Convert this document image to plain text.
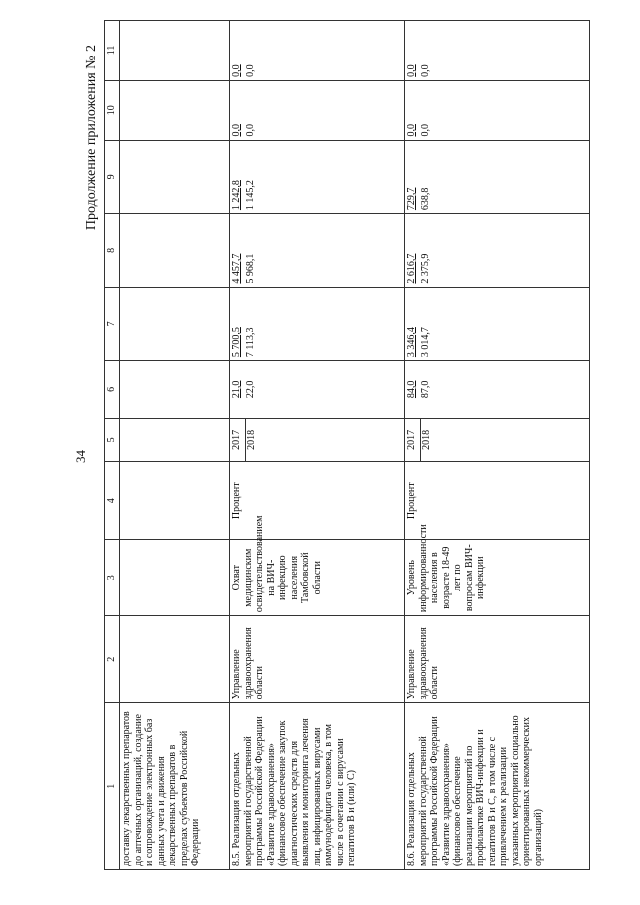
34
Продолжение приложения № 2
1	2	3	4	5	6	7	8	9	10	11
доставку лекарственных препаратов до аптечных организаций, создание и сопровождение электронных баз данных учета и движения лекарственных препаратов в пределах субъектов Российской Федерации										
8.5. Реализация отдельных мероприятий государственной программы Российской Федерации «Развитие здравоохранения» (финансовое обеспечение закупок диагностических средств для выявления и мониторинга лечения лиц, инфицированных вирусами иммунодефицита человека, в том числе в сочетании с вирусами гепатитов B и (или) C)	Управление здравоохранения области	Охват медицинским освидетельствованием на ВИЧ-инфекцию населения Тамбовской области	Процент	2017 2018	21,0 22,0	5 700,5 7 113,3	4 457,7 5 968,1	1 242,8 1 145,2	0,0 0,0	0,0 0,0

8.6. Реализация отдельных мероприятий государственной программы Российской Федерации «Развитие здравоохранения» (финансовое обеспечение реализации мероприятий по профилактике ВИЧ-инфекции и гепатитов B и C, в том числе с привлечением к реализации указанных мероприятий социально ориентированных некоммерческих организаций)	Управление здравоохранения области	Уровень информированности населения в возрасте 18-49 лет по вопросам ВИЧ-инфекции	Процент	2017 2018	84,0 87,0	3 346,4 3 014,7	2 616,7 2 375,9	729,7 638,8	0,0 0,0	0,0 0,0
